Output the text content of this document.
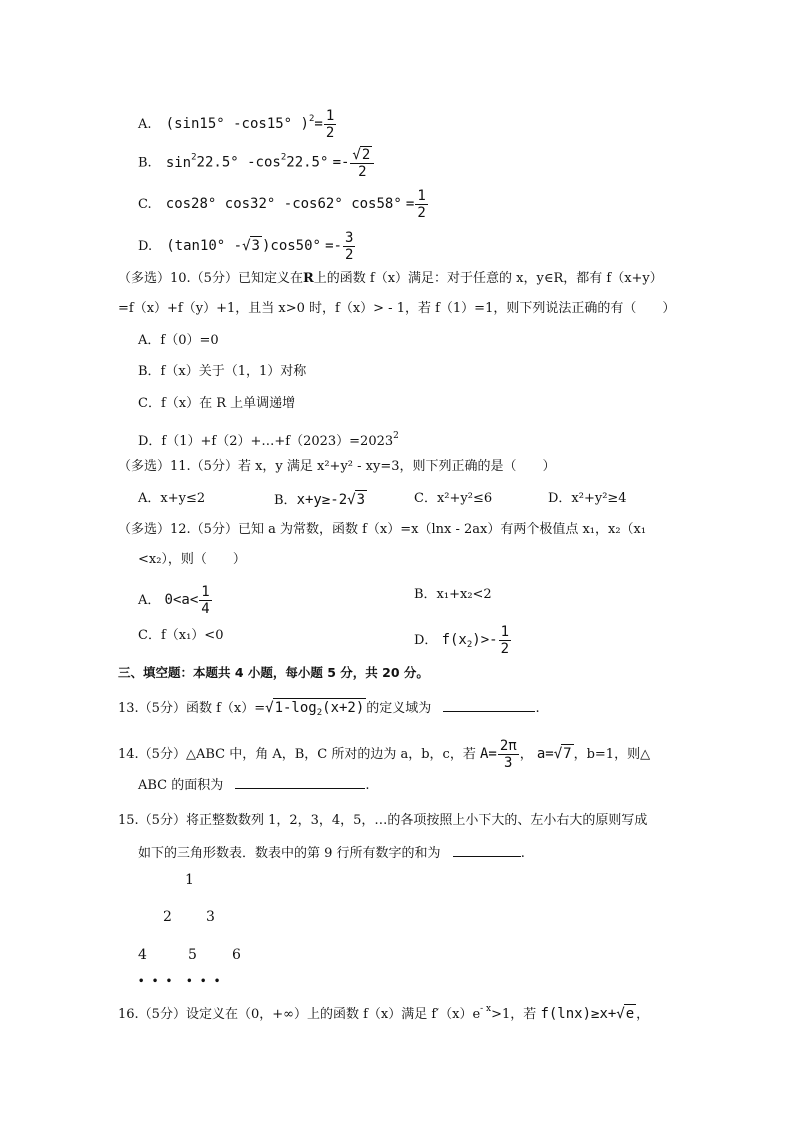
A. (sin15° -cos15° )$^2= \frac{1}{2}$
B. $\sin^222.5^\circ$ $-\cos^222.5^\circ =- \frac{√2}{2}$
C. cos28° cos32° -cos62° $\cos 58^\circ = \frac{1}{2}$
D. (tan10° -√3 )$\cos 50^\circ =- \frac{3}{2}$
（多选）10.（5分）已知定义在R上的函数 f（x）满足：对于任意的 x，y∈R，都有 f（x+y）
=f（x）+f（y）+1，且当 x>0 时，f（x）> - 1，若 f（1）=1，则下列说法正确的有（　　）
A．f（0）=0
B．f（x）关于（1，1）对称
C．f（x）在 R 上单调递增
D．$f(1)+f(2)+\dots+f(2023)=2023^2$
（多选）11.（5分）若 x，y 满足 x²+y² - xy=3，则下列正确的是（　　）
A．x+y≤2	B．x+y≥-2√3	C．x²+y²≤6	D．x²+y²≥4
（多选）12.（5分）已知 a 为常数，函数 f（x）=x（lnx - 2ax）有两个极值点 x₁，x₂（x₁
<x₂），则（　　）
A． $0<a< \frac{1}{4}$	B．x₁+x₂<2
C．f（x₁）<0	D． $f(x_2)>- \frac{1}{2}$
三、填空题：本题共 4 小题，每小题 5 分，共 20 分。
13.（5分）函数 $f(x)=√1-\log_2(x+2)$ 的定义域为	.
14.（5分）△ABC 中，角 A，B，C 所对的边为 a，b，c，若 $A= \frac{2\pi}{3}$ ， a=√7 ，b=1，则△
ABC 的面积为	.
15.（5分）将正整数数列 1，2，3，4，5，…的各项按照上小下大的、左小右大的原则写成
如下的三角形数表．数表中的第 9 行所有数字的和为	.
1
2 3
4	5	6
• • •　• • •
16.（5分）设定义在（0，+∞）上的函数 f（x）满足 $f'(x)e^{- x}>1$，若 f(lnx)≥x+√e ，
